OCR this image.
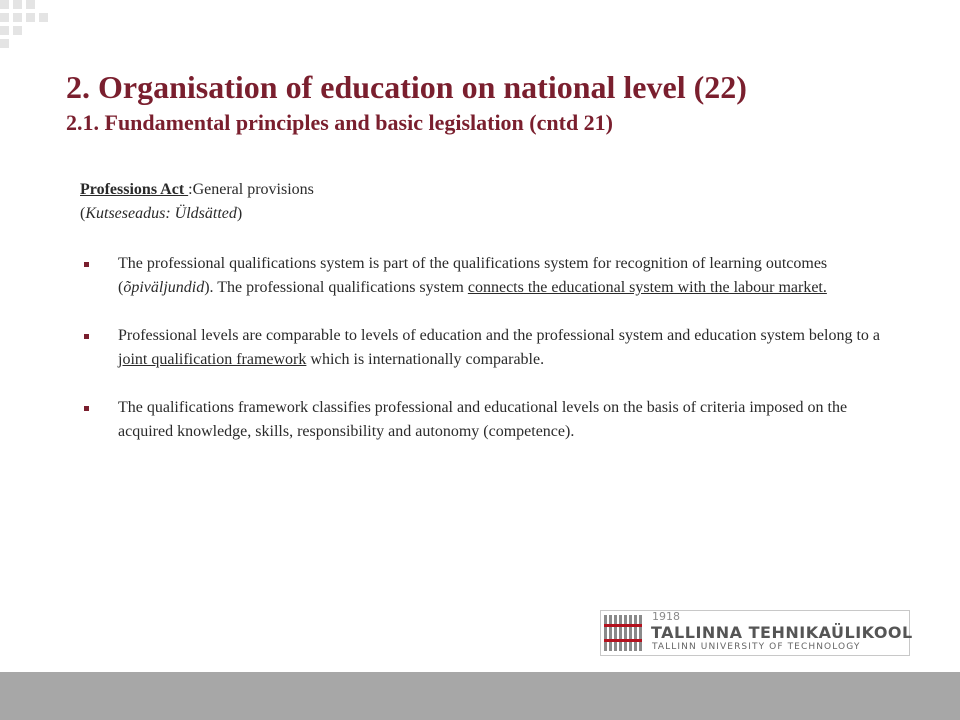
2. Organisation of education on national level (22)
2.1. Fundamental principles and basic legislation (cntd 21)

Professions Act :General provisions

(Kutseseadus: Üldsätted)

The professional qualifications system is part of the qualifications system for recognition of learning outcomes (õpiväljundid). The professional qualifications system connects the educational system with the labour market.
Professional levels are comparable to levels of education and the professional system and education system belong to a joint qualification framework which is internationally comparable.
The qualifications framework classifies professional and educational levels on the basis of criteria imposed on the acquired knowledge, skills, responsibility and autonomy (competence).
1918
TALLINNA TEHNIKAÜLIKOOL
TALLINN UNIVERSITY OF TECHNOLOGY
